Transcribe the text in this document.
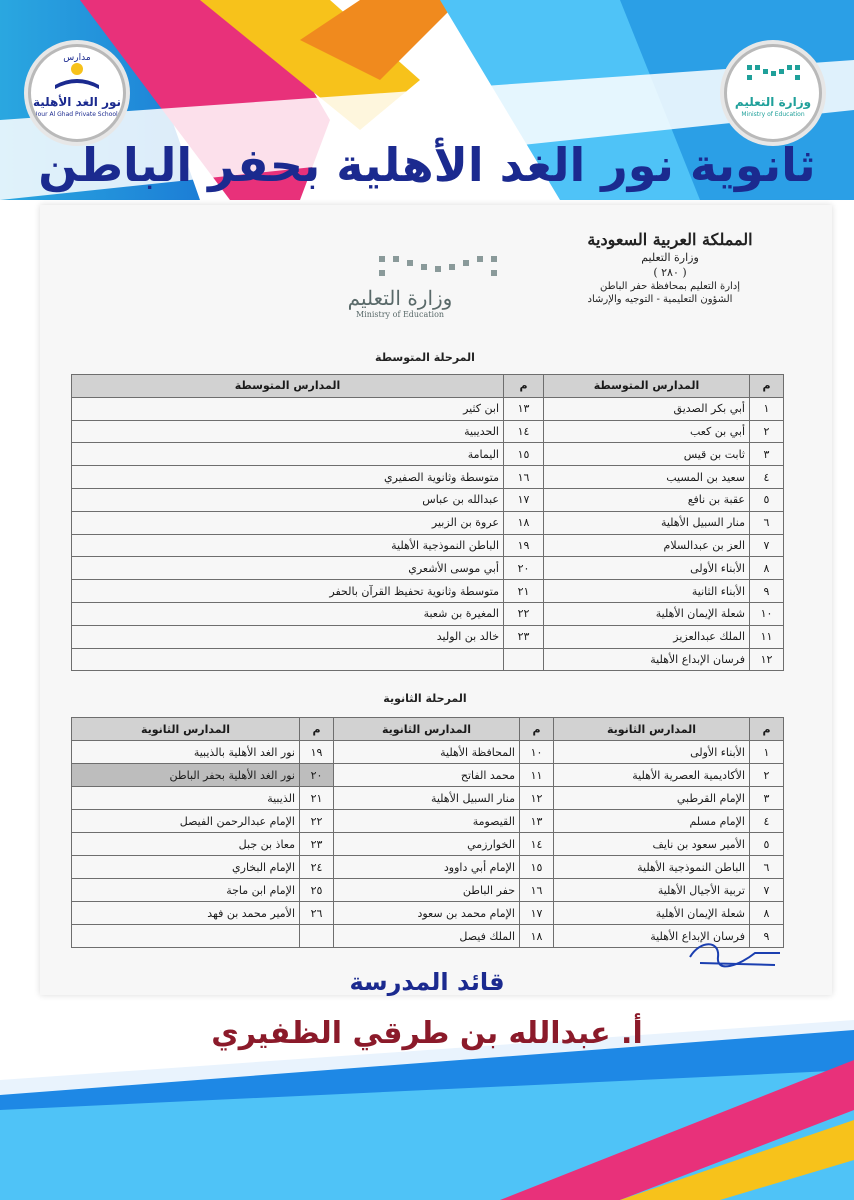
نور الغد الأهلية
Nour Al Ghad Private Schools
مدارس
وزارة التعليم
Ministry of Education
ثانوية نور الغد الأهلية بحفر الباطن
المملكة العربية السعودية
وزارة التعليم
( ٢٨٠ )
إدارة التعليم بمحافظة حفر الباطن
الشؤون التعليمية - التوجيه والإرشاد
وزارة التعليم
Ministry of Education
المرحلة المتوسطة
م	المدارس المتوسطة	م	المدارس المتوسطة
١	أبي بكر الصديق	١٣	ابن كثير
٢	أبي بن كعب	١٤	الحديبية
٣	ثابت بن قيس	١٥	اليمامة
٤	سعيد بن المسيب	١٦	متوسطة وثانوية الصفيري
٥	عقبة بن نافع	١٧	عبدالله بن عباس
٦	منار السبيل الأهلية	١٨	عروة بن الزبير
٧	العز بن عبدالسلام	١٩	الباطن النموذجية الأهلية
٨	الأبناء الأولى	٢٠	أبي موسى الأشعري
٩	الأبناء الثانية	٢١	متوسطة وثانوية تحفيظ القرآن بالحفر
١٠	شعلة الإيمان الأهلية	٢٢	المغيرة بن شعبة
١١	الملك عبدالعزيز	٢٣	خالد بن الوليد
١٢	فرسان الإبداع الأهلية		
المرحلة الثانوية
م	المدارس الثانوية	م	المدارس الثانوية	م	المدارس الثانوية
١	الأبناء الأولى	١٠	المحافظة الأهلية	١٩	نور الغد الأهلية بالذيبية
٢	الأكاديمية العصرية الأهلية	١١	محمد الفاتح	٢٠	نور الغد الأهلية بحفر الباطن
٣	الإمام القرطبي	١٢	منار السبيل الأهلية	٢١	الذيبية
٤	الإمام مسلم	١٣	القيصومة	٢٢	الإمام عبدالرحمن الفيصل
٥	الأمير سعود بن نايف	١٤	الخوارزمي	٢٣	معاذ بن جبل
٦	الباطن النموذجية الأهلية	١٥	الإمام أبي داوود	٢٤	الإمام البخاري
٧	تربية الأجيال الأهلية	١٦	حفر الباطن	٢٥	الإمام ابن ماجة
٨	شعلة الإيمان الأهلية	١٧	الإمام محمد بن سعود	٢٦	الأمير محمد بن فهد
٩	فرسان الإبداع الأهلية	١٨	الملك فيصل		
قائد المدرسة
أ. عبدالله بن طرقي الظفيري
